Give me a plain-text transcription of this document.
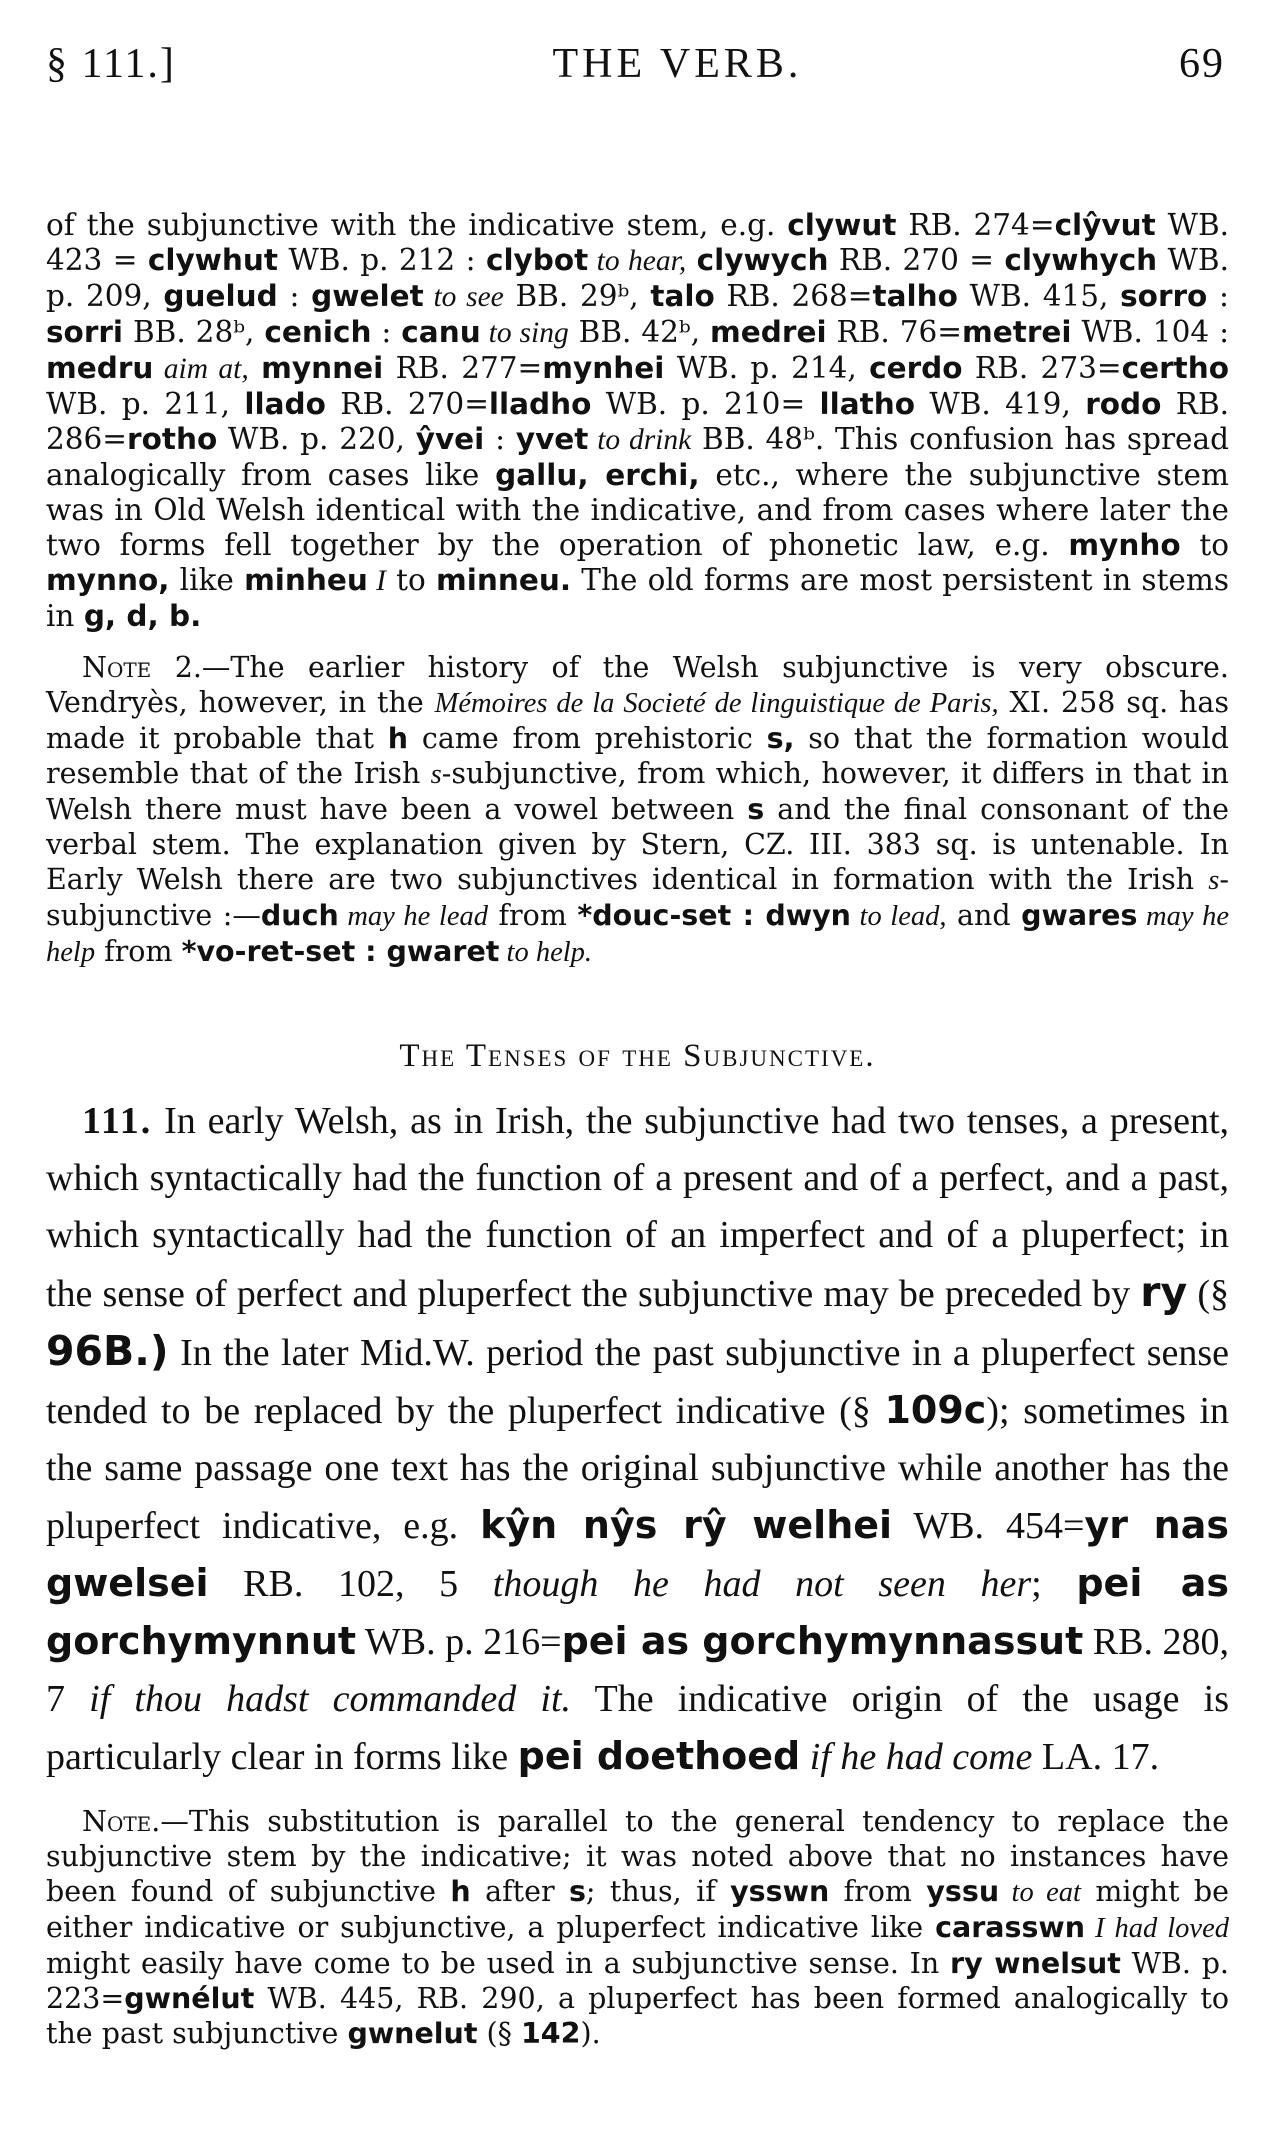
§ 111.]	THE VERB.	69

of the subjunctive with the indicative stem, e.g. clywut RB. 274=clŷvut WB. 423 = clywhut WB. p. 212 : clybot to hear, clywych RB. 270 = clywhych WB. p. 209, guelud : gwelet to see BB. 29ᵇ, talo RB. 268=talho WB. 415, sorro : sorri BB. 28ᵇ, cenich : canu to sing BB. 42ᵇ, medrei RB. 76=metrei WB. 104 : medru aim at, mynnei RB. 277=mynhei WB. p. 214, cerdo RB. 273=certho WB. p. 211, llado RB. 270=lladho WB. p. 210= llatho WB. 419, rodo RB. 286=rotho WB. p. 220, ŷvei : yvet to drink BB. 48ᵇ. This confusion has spread analogically from cases like gallu, erchi, etc., where the subjunctive stem was in Old Welsh identical with the indicative, and from cases where later the two forms fell together by the operation of phonetic law, e.g. mynho to mynno, like minheu I to minneu. The old forms are most persistent in stems in g, d, b.

Note 2.—The earlier history of the Welsh subjunctive is very obscure. Vendryès, however, in the Mémoires de la Societé de linguistique de Paris, XI. 258 sq. has made it probable that h came from prehistoric s, so that the formation would resemble that of the Irish s-subjunctive, from which, however, it differs in that in Welsh there must have been a vowel between s and the final consonant of the verbal stem. The explanation given by Stern, CZ. III. 383 sq. is untenable. In Early Welsh there are two subjunctives identical in formation with the Irish s-subjunctive :—duch may he lead from *douc-set : dwyn to lead, and gwares may he help from *vo-ret-set : gwaret to help.

The Tenses of the Subjunctive.

111. In early Welsh, as in Irish, the subjunctive had two tenses, a present, which syntactically had the function of a present and of a perfect, and a past, which syntactically had the function of an imperfect and of a pluperfect; in the sense of perfect and pluperfect the subjunctive may be preceded by ry (§ 96B.) In the later Mid.W. period the past subjunctive in a pluperfect sense tended to be replaced by the pluperfect indicative (§ 109c); sometimes in the same passage one text has the original subjunctive while another has the pluperfect indicative, e.g. kŷn nŷs rŷ welhei WB. 454=yr nas gwelsei RB. 102, 5 though he had not seen her; pei as gorchymynnut WB. p. 216=pei as gorchymynnassut RB. 280, 7 if thou hadst commanded it. The indicative origin of the usage is particularly clear in forms like pei doethoed if he had come LA. 17.

Note.—This substitution is parallel to the general tendency to replace the subjunctive stem by the indicative; it was noted above that no instances have been found of subjunctive h after s; thus, if ysswn from yssu to eat might be either indicative or subjunctive, a pluperfect indicative like carasswn I had loved might easily have come to be used in a subjunctive sense. In ry wnelsut WB. p. 223=gwnélut WB. 445, RB. 290, a pluperfect has been formed analogically to the past subjunctive gwnelut (§ 142).
